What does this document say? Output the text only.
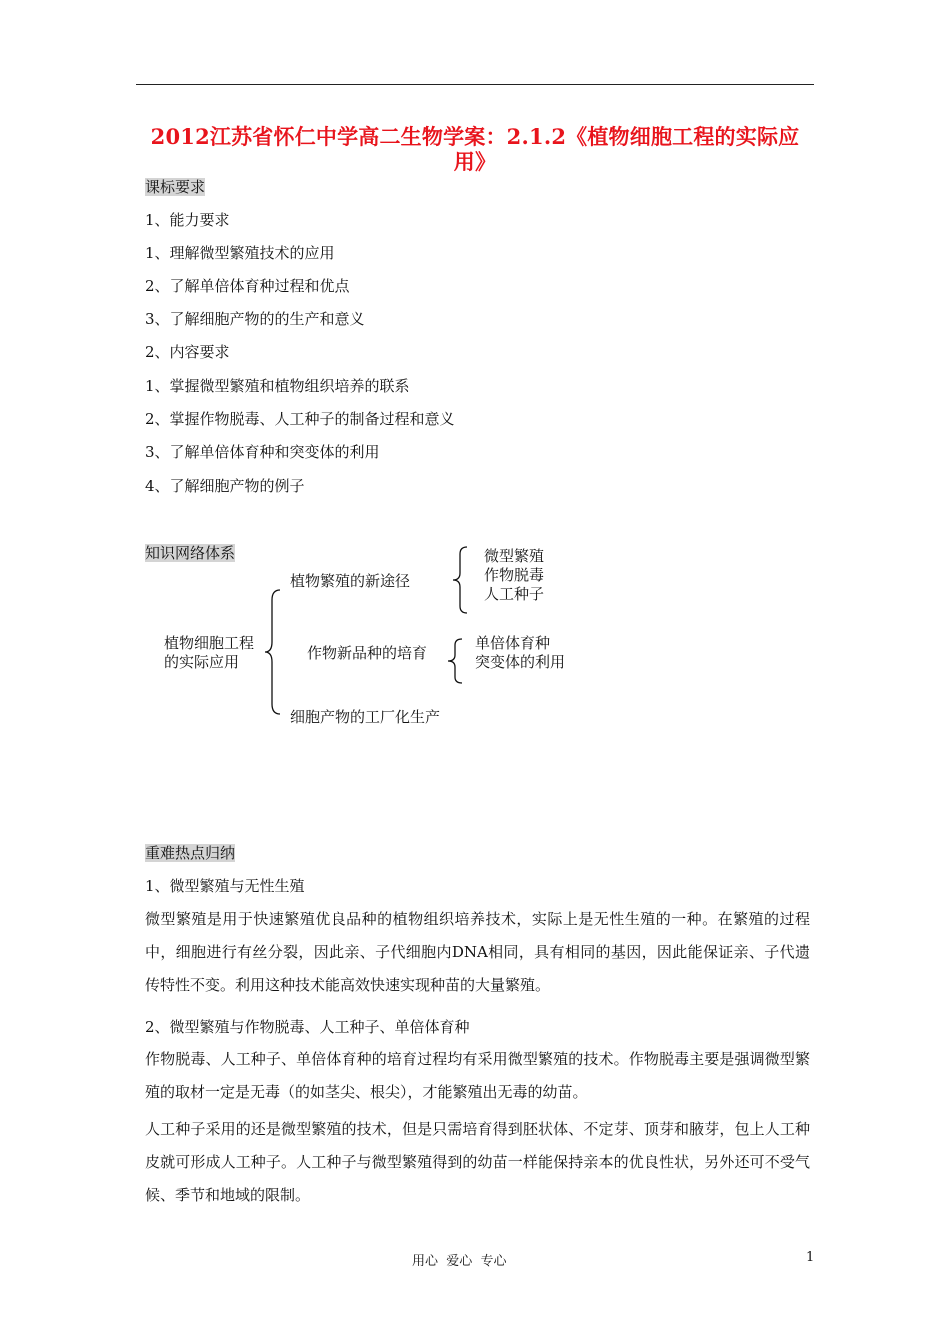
2012江苏省怀仁中学高二生物学案：2.1.2《植物细胞工程的实际应用》
课标要求
1、能力要求
1、理解微型繁殖技术的应用
2、了解单倍体育种过程和优点
3、了解细胞产物的的生产和意义
2、内容要求
1、掌握微型繁殖和植物组织培养的联系
2、掌握作物脱毒、人工种子的制备过程和意义
3、了解单倍体育种和突变体的利用
4、了解细胞产物的例子
知识网络体系
植物细胞工程
的实际应用
植物繁殖的新途径
作物新品种的培育
细胞产物的工厂化生产
微型繁殖
作物脱毒
人工种子
单倍体育种
突变体的利用
重难热点归纳
1、微型繁殖与无性生殖
微型繁殖是用于快速繁殖优良品种的植物组织培养技术，实际上是无性生殖的一种。在繁殖的过程中，细胞进行有丝分裂，因此亲、子代细胞内DNA相同，具有相同的基因，因此能保证亲、子代遗传特性不变。利用这种技术能高效快速实现种苗的大量繁殖。
2、微型繁殖与作物脱毒、人工种子、单倍体育种
作物脱毒、人工种子、单倍体育种的培育过程均有采用微型繁殖的技术。作物脱毒主要是强调微型繁殖的取材一定是无毒（的如茎尖、根尖），才能繁殖出无毒的幼苗。
人工种子采用的还是微型繁殖的技术，但是只需培育得到胚状体、不定芽、顶芽和腋芽，包上人工种皮就可形成人工种子。人工种子与微型繁殖得到的幼苗一样能保持亲本的优良性状，另外还可不受气候、季节和地域的限制。
用心  爱心  专心	1
